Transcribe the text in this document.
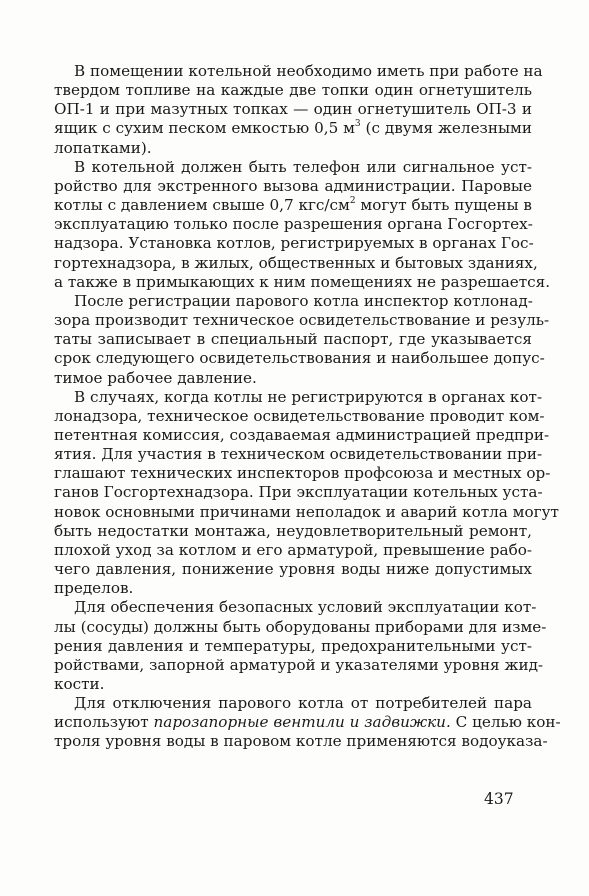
В помещении котельной необходимо иметь при работе на
твердом топливе на каждые две топки один огнетушитель
ОП-1 и при мазутных топках — один огнетушитель ОП-3 и
ящик с сухим песком емкостью 0,5 $м^3$ (с двумя железными
лопатками).
В котельной должен быть телефон или сигнальное уст-
ройство для экстренного вызова администрации. Паровые
котлы с давлением свыше 0,7 кгс/$см^2$ могут быть пущены в
эксплуатацию только после разрешения органа Госгортех-
надзора. Установка котлов, регистрируемых в органах Гос-
гортехнадзора, в жилых, общественных и бытовых зданиях,
а также в примыкающих к ним помещениях не разрешается.
После регистрации парового котла инспектор котлонад-
зора производит техническое освидетельствование и резуль-
таты записывает в специальный паспорт, где указывается
срок следующего освидетельствования и наибольшее допус-
тимое рабочее давление.
В случаях, когда котлы не регистрируются в органах кот-
лонадзора, техническое освидетельствование проводит ком-
петентная комиссия, создаваемая администрацией предпри-
ятия. Для участия в техническом освидетельствовании при-
глашают технических инспекторов профсоюза и местных ор-
ганов Госгортехнадзора. При эксплуатации котельных уста-
новок основными причинами неполадок и аварий котла могут
быть недостатки монтажа, неудовлетворительный ремонт,
плохой уход за котлом и его арматурой, превышение рабо-
чего давления, понижение уровня воды ниже допустимых
пределов.
Для обеспечения безопасных условий эксплуатации кот-
лы (сосуды) должны быть оборудованы приборами для изме-
рения давления и температуры, предохранительными уст-
ройствами, запорной арматурой и указателями уровня жид-
кости.
Для отключения парового котла от потребителей пара
используют парозапорные вентили и задвижки. С целью кон-
троля уровня воды в паровом котле применяются водоуказа-
437
